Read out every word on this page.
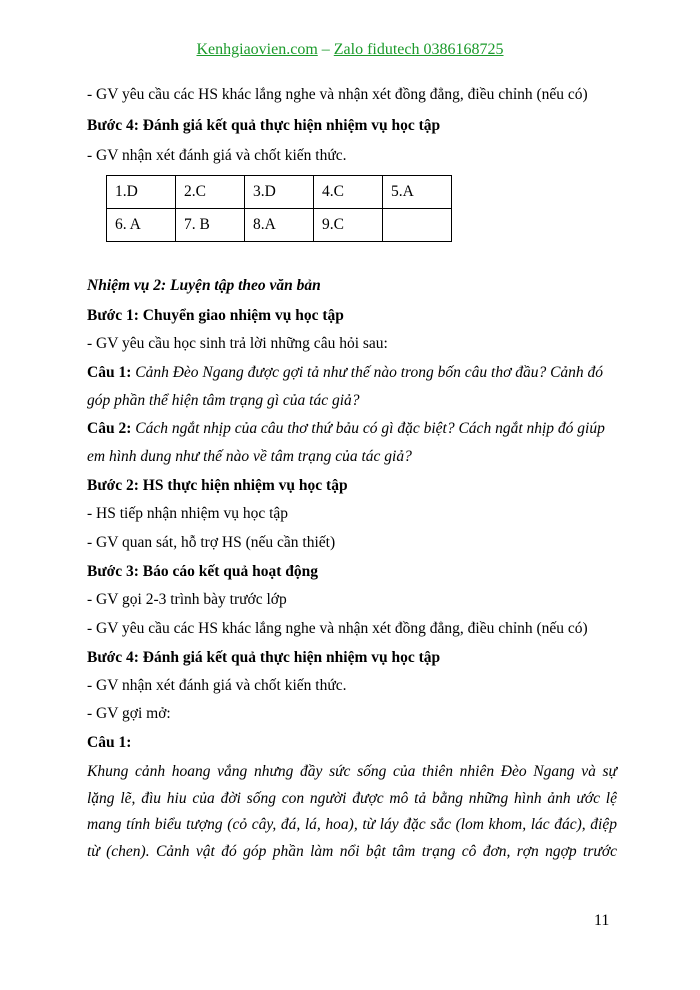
Kenhgiaovien.com – Zalo fidutech 0386168725
- GV yêu cầu các HS khác lắng nghe và nhận xét đồng đẳng, điều chỉnh (nếu có)
Bước 4: Đánh giá kết quả thực hiện nhiệm vụ học tập
- GV nhận xét đánh giá và chốt kiến thức.
1.D	2.C	3.D	4.C	5.A
6. A	7. B	8.A	9.C	
Nhiệm vụ 2: Luyện tập theo văn bản
Bước 1: Chuyển giao nhiệm vụ học tập
- GV yêu cầu học sinh trả lời những câu hỏi sau:
Câu 1: Cảnh Đèo Ngang được gợi tả như thế nào trong bốn câu thơ đầu? Cảnh đó
góp phần thể hiện tâm trạng gì của tác giả?
Câu 2: Cách ngắt nhịp của câu thơ thứ bảu có gì đặc biệt? Cách ngắt nhịp đó giúp
em hình dung như thế nào về tâm trạng của tác giả?
Bước 2: HS thực hiện nhiệm vụ học tập
- HS tiếp nhận nhiệm vụ học tập
- GV quan sát, hỗ trợ HS (nếu cần thiết)
Bước 3: Báo cáo kết quả hoạt động
- GV gọi 2-3 trình bày trước lớp
- GV yêu cầu các HS khác lắng nghe và nhận xét đồng đẳng, điều chỉnh (nếu có)
Bước 4: Đánh giá kết quả thực hiện nhiệm vụ học tập
- GV nhận xét đánh giá và chốt kiến thức.
- GV gợi mở:
Câu 1:
Khung cảnh hoang vắng nhưng đầy sức sống của thiên nhiên Đèo Ngang và sự
lặng lẽ, đìu hiu của đời sống con người được mô tả bằng những hình ảnh ước lệ
mang tính biểu tượng (cỏ cây, đá, lá, hoa), từ láy đặc sắc (lom khom, lác đác), điệp
từ (chen). Cảnh vật đó góp phần làm nổi bật tâm trạng cô đơn, rợn ngợp trước
11
